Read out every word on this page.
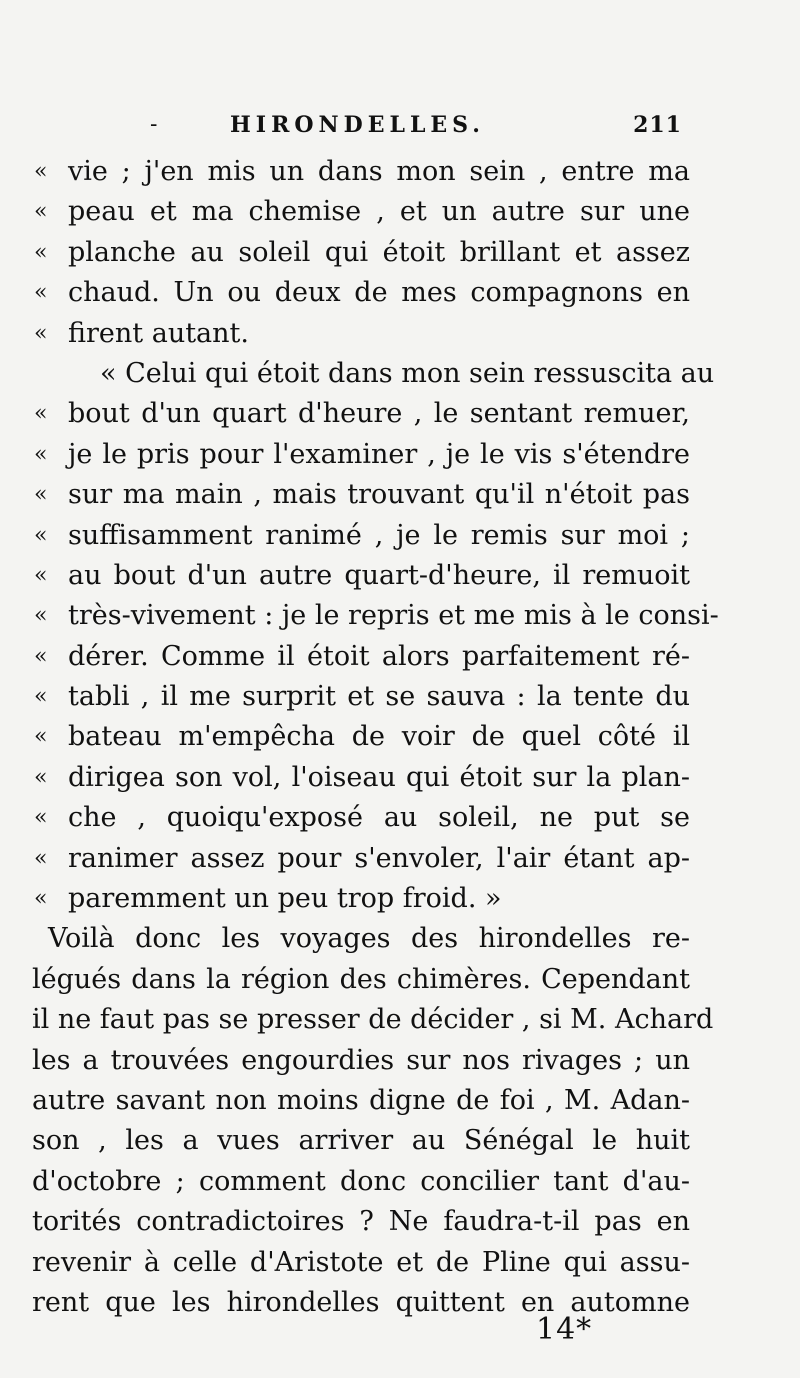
-	HIRONDELLES.	211
« vie ; j'en mis un dans mon sein , entre ma
« peau et ma chemise , et un autre sur une
« planche au soleil qui étoit brillant et assez
« chaud. Un ou deux de mes compagnons en
« firent autant.
« Celui qui étoit dans mon sein ressuscita au
« bout d'un quart d'heure , le sentant remuer,
« je le pris pour l'examiner , je le vis s'étendre
« sur ma main , mais trouvant qu'il n'étoit pas
« suffisamment ranimé , je le remis sur moi ;
« au bout d'un autre quart-d'heure, il remuoit
« très-vivement : je le repris et me mis à le consi-
« dérer. Comme il étoit alors parfaitement ré-
« tabli , il me surprit et se sauva : la tente du
« bateau m'empêcha de voir de quel côté il
« dirigea son vol, l'oiseau qui étoit sur la plan-
« che , quoiqu'exposé au soleil, ne put se
« ranimer assez pour s'envoler, l'air étant ap-
« paremment un peu trop froid. »
Voilà donc les voyages des hirondelles re-
légués dans la région des chimères. Cependant
il ne faut pas se presser de décider , si M. Achard
les a trouvées engourdies sur nos rivages ; un
autre savant non moins digne de foi , M. Adan-
son , les a vues arriver au Sénégal le huit
d'octobre ; comment donc concilier tant d'au-
torités contradictoires ? Ne faudra-t-il pas en
revenir à celle d'Aristote et de Pline qui assu-
rent que les hirondelles quittent en automne
14*
